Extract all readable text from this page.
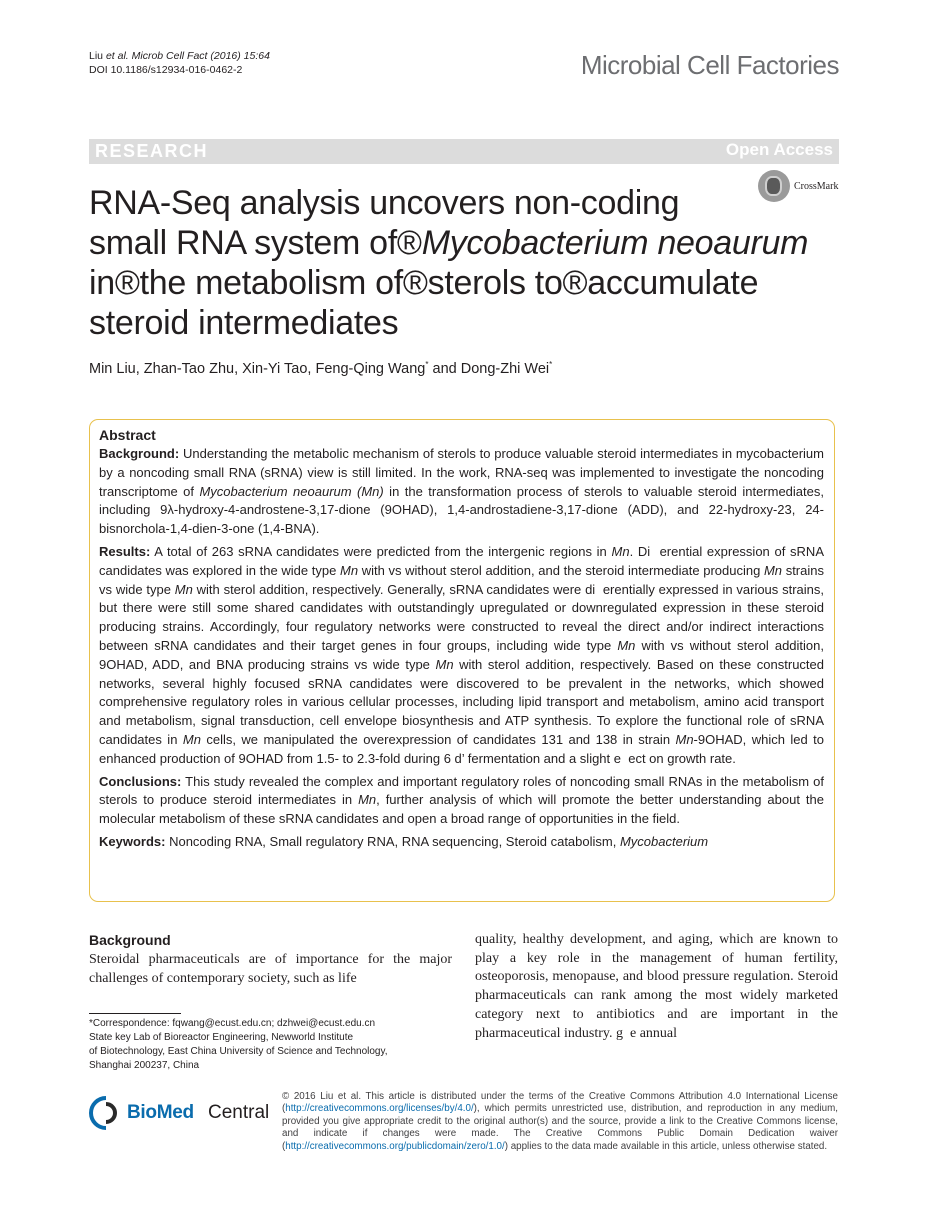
Liu et al. Microb Cell Fact (2016) 15:64
DOI 10.1186/s12934-016-0462-2	Microbial Cell Factories
RESEARCH	Open Access
CrossMark
RNA-Seq analysis uncovers non-coding
small RNA system of®Mycobacterium neoaurum
in®the metabolism of®sterols to®accumulate
steroid intermediates
Min Liu, Zhan-Tao Zhu, Xin-Yi Tao, Feng-Qing Wang* and Dong-Zhi Wei*
Abstract

Background: Understanding the metabolic mechanism of sterols to produce valuable steroid intermediates in mycobacterium by a noncoding small RNA (sRNA) view is still limited. In the work, RNA-seq was implemented to investigate the noncoding transcriptome of Mycobacterium neoaurum (Mn) in the transformation process of sterols to valuable steroid intermediates, including 9λ-hydroxy-4-androstene-3,17-dione (9OHAD), 1,4-androstadiene-3,17-dione (ADD), and 22-hydroxy-23, 24-bisnorchola-1,4-dien-3-one (1,4-BNA).

Results: A total of 263 sRNA candidates were predicted from the intergenic regions in Mn. Di  erential expression of sRNA candidates was explored in the wide type Mn with vs without sterol addition, and the steroid intermediate producing Mn strains vs wide type Mn with sterol addition, respectively. Generally, sRNA candidates were di  erentially expressed in various strains, but there were still some shared candidates with outstandingly upregulated or downregulated expression in these steroid producing strains. Accordingly, four regulatory networks were constructed to reveal the direct and/or indirect interactions between sRNA candidates and their target genes in four groups, including wide type Mn with vs without sterol addition, 9OHAD, ADD, and BNA producing strains vs wide type Mn with sterol addition, respectively. Based on these constructed networks, several highly focused sRNA candidates were discovered to be prevalent in the networks, which showed comprehensive regulatory roles in various cellular processes, including lipid transport and metabolism, amino acid transport and metabolism, signal transduction, cell envelope biosynthesis and ATP synthesis. To explore the functional role of sRNA candidates in Mn cells, we manipulated the overexpression of candidates 131 and 138 in strain Mn-9OHAD, which led to enhanced production of 9OHAD from 1.5- to 2.3-fold during 6 d’ fermentation and a slight e  ect on growth rate.

Conclusions: This study revealed the complex and important regulatory roles of noncoding small RNAs in the metabolism of sterols to produce steroid intermediates in Mn, further analysis of which will promote the better understanding about the molecular metabolism of these sRNA candidates and open a broad range of opportunities in the field.

Keywords: Noncoding RNA, Small regulatory RNA, RNA sequencing, Steroid catabolism, Mycobacterium

Background
Steroidal pharmaceuticals are of importance for the major challenges of contemporary society, such as life
quality, healthy development, and aging, which are known to play a key role in the management of human fertility, osteoporosis, menopause, and blood pressure regulation. Steroid pharmaceuticals can rank among the most widely marketed category next to antibiotics and are important in the pharmaceutical industry. g  e annual
*Correspondence: fqwang@ecust.edu.cn; dzhwei@ecust.edu.cn
State key Lab of Bioreactor Engineering, Newworld Institute
of Biotechnology, East China University of Science and Technology,
Shanghai 200237, China
BioMed Central
© 2016 Liu et al. This article is distributed under the terms of the Creative Commons Attribution 4.0 International License (http://creativecommons.org/licenses/by/4.0/), which permits unrestricted use, distribution, and reproduction in any medium, provided you give appropriate credit to the original author(s) and the source, provide a link to the Creative Commons license, and indicate if changes were made. The Creative Commons Public Domain Dedication waiver (http://creativecommons.org/publicdomain/zero/1.0/) applies to the data made available in this article, unless otherwise stated.
